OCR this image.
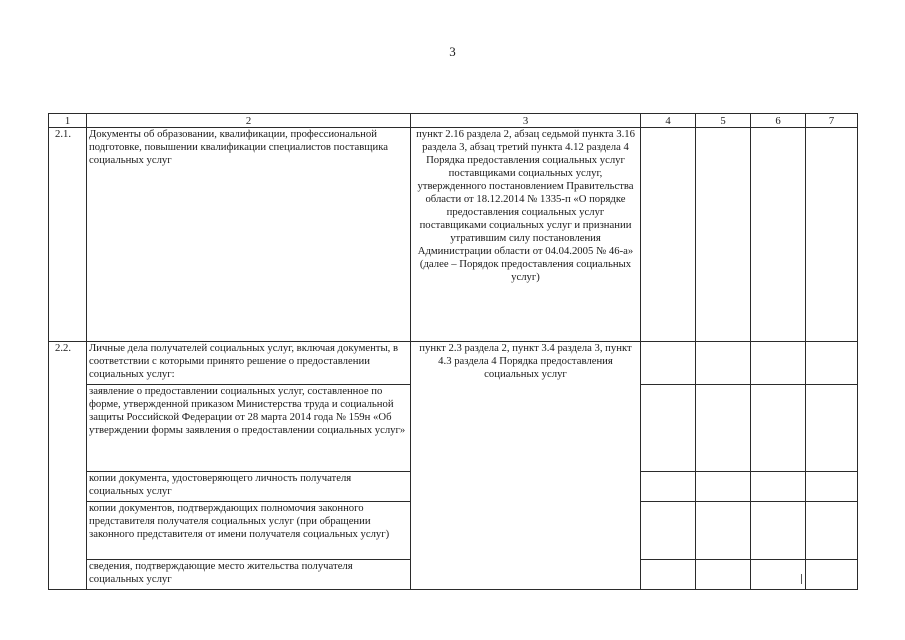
3
1	2	3	4	5	6	7
2.1.	Документы об образовании, квалификации, профессиональной подготовке, повышении квалификации специалистов поставщика социальных услуг	пункт 2.16 раздела 2, абзац седьмой пункта 3.16 раздела 3, абзац третий пункта 4.12 раздела 4 Порядка предоставления социальных услуг поставщиками социальных услуг, утвержденного постановлением Правительства области от 18.12.2014 № 1335-п «О порядке предоставления социальных услуг поставщиками социальных услуг и признании утратившим силу постановления Администрации области от 04.04.2005 № 46-а» (далее – Порядок предоставления социальных услуг)				
2.2.	Личные дела получателей социальных услуг, включая документы, в соответствии с которыми принято решение о предоставлении социальных услуг:	пункт 2.3 раздела 2, пункт 3.4 раздела 3, пункт 4.3 раздела 4 Порядка предоставления социальных услуг				
	заявление о предоставлении социальных услуг, составленное по форме, утвержденной приказом Министерства труда и социальной защиты Российской Федерации от 28 марта 2014 года № 159н «Об утверждении формы заявления о предоставлении социальных услуг»					
	копии документа, удостоверяющего личность получателя социальных услуг					
	копии документов, подтверждающих полномочия законного представителя получателя социальных услуг (при обращении законного представителя от имени получателя социальных услуг)					
	сведения, подтверждающие место жительства получателя социальных услуг					
